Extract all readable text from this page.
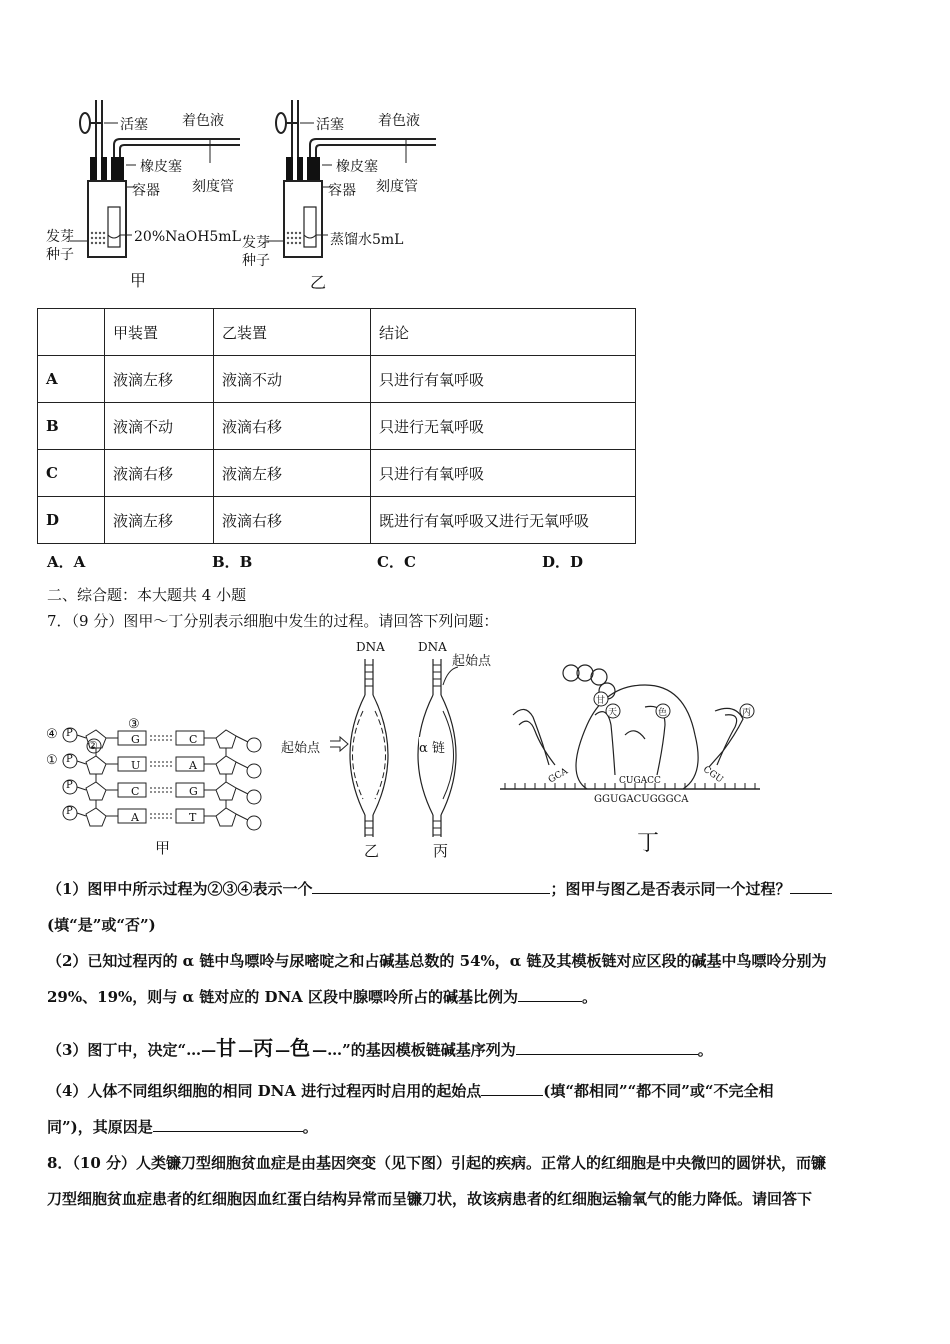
活塞 着色液
橡皮塞
刻度管
容器
发芽
种子
20%NaOH5mL
甲
活塞 着色液
橡皮塞
刻度管
容器
发芽
种子
蒸馏水5mL
乙
	甲装置	乙装置	结论
A	液滴左移	液滴不动	只进行有氧呼吸
B	液滴不动	液滴右移	只进行无氧呼吸
C	液滴右移	液滴左移	只进行有氧呼吸
D	液滴左移	液滴右移	既进行有氧呼吸又进行无氧呼吸
A．A	B．B	C．C	D．D
二、综合题：本大题共 4 小题
7．（9 分）图甲～丁分别表示细胞中发生的过程。请回答下列问题：
④
①
②
③
P
P
P
P
G
U
C
A
C
A
G
T
甲
DNA	DNA
起始点
起始点	α 链
乙	丙
甘
天	色	丙
GCA	CUGACC	CGU
GGUGACUGGGCA
丁
（1）图甲中所示过程为②③④表示一个	；图甲与图乙是否表示同一个过程？
(填“是”或“否”)
（2）已知过程丙的 α 链中鸟嘌呤与尿嘧啶之和占碱基总数的 54%，α 链及其模板链对应区段的碱基中鸟嘌呤分别为
29%、19%，则与 α 链对应的 DNA 区段中腺嘌呤所占的碱基比例为	。
（3）图丁中，决定“…—甘—丙—色—…”的基因模板链碱基序列为	。
（4）人体不同组织细胞的相同 DNA 进行过程丙时启用的起始点	(填“都相同”“都不同”或“不完全相
同”)，其原因是	。
8．（10 分）人类镰刀型细胞贫血症是由基因突变（见下图）引起的疾病。正常人的红细胞是中央微凹的圆饼状，而镰
刀型细胞贫血症患者的红细胞因血红蛋白结构异常而呈镰刀状，故该病患者的红细胞运输氧气的能力降低。请回答下
